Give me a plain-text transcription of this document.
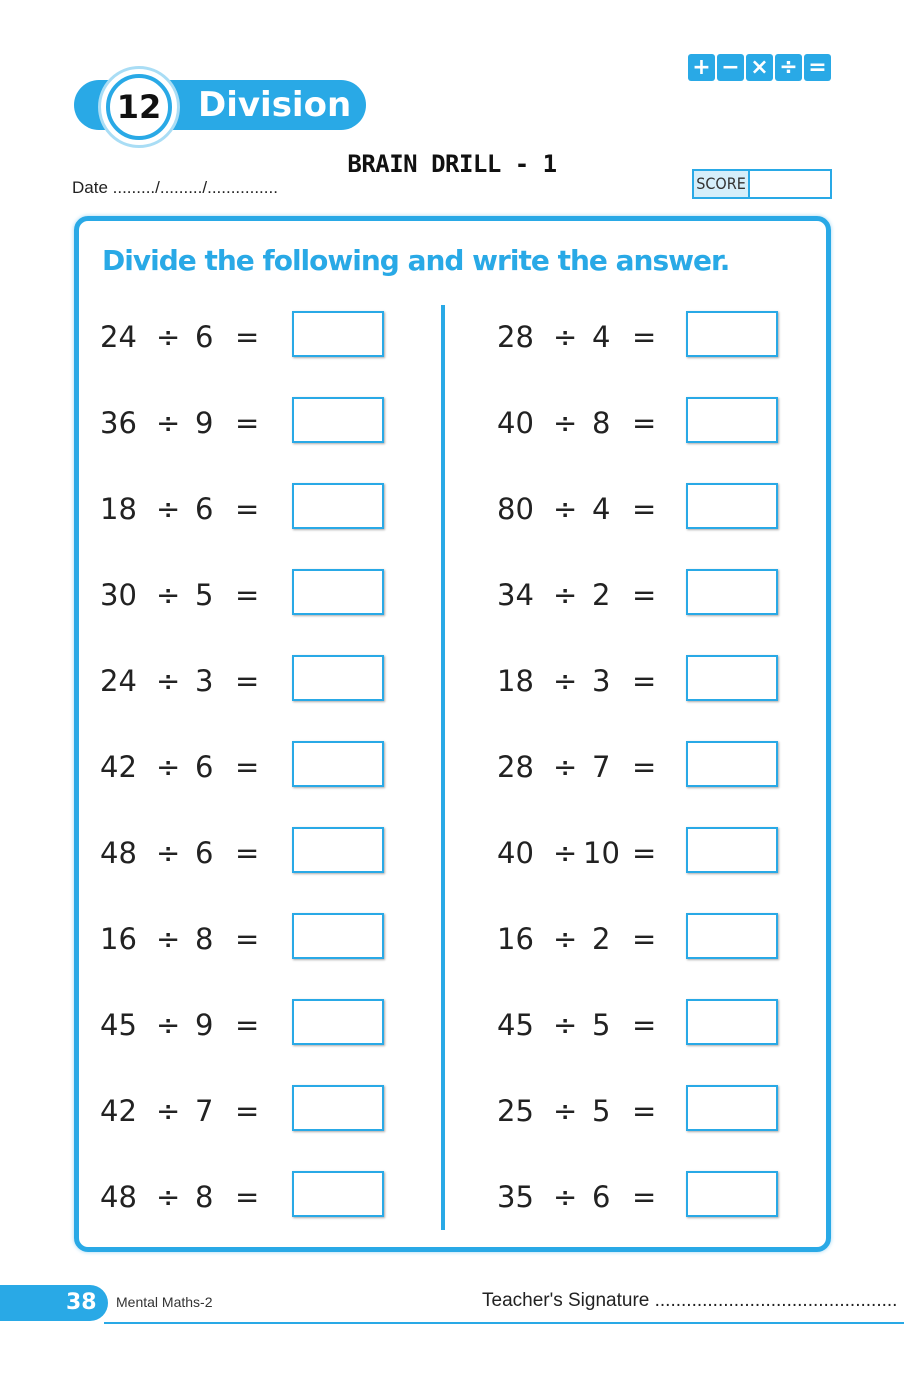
12	Division
+ − × ÷ =
BRAIN DRILL - 1
Date ........./........./...............	SCORE
Divide the following and write the answer.
24 ÷ 6 =
36 ÷ 9 =
18 ÷ 6 =
30 ÷ 5 =
24 ÷ 3 =
42 ÷ 6 =
48 ÷ 6 =
16 ÷ 8 =
45 ÷ 9 =
42 ÷ 7 =
48 ÷ 8 =
28 ÷ 4 =
40 ÷ 8 =
80 ÷ 4 =
34 ÷ 2 =
18 ÷ 3 =
28 ÷ 7 =
40 ÷ 10 =
16 ÷ 2 =
45 ÷ 5 =
25 ÷ 5 =
35 ÷ 6 =
38 Mental Maths-2	Teacher's Signature ..............................................
